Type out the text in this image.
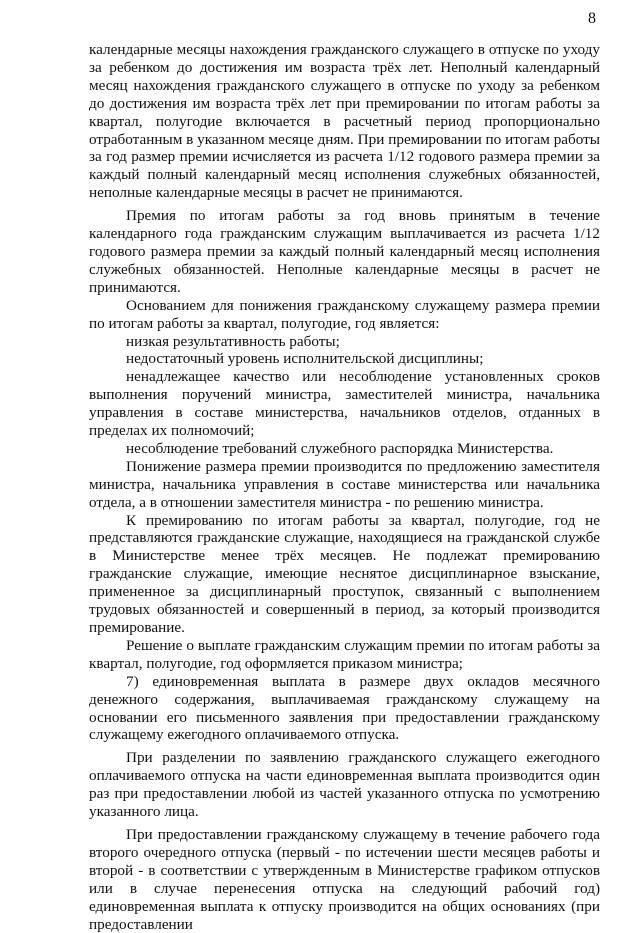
8

календарные месяцы нахождения гражданского служащего в отпуске по уходу за ребенком до достижения им возраста трёх лет. Неполный календарный месяц нахождения гражданского служащего в отпуске по уходу за ребенком до достижения им возраста трёх лет при премировании по итогам работы за квартал, полугодие включается в расчетный период пропорционально отработанным в указанном месяце дням. При премировании по итогам работы за год размер премии исчисляется из расчета 1/12 годового размера премии за каждый полный календарный месяц исполнения служебных обязанностей, неполные календарные месяцы в расчет не принимаются.

Премия по итогам работы за год вновь принятым в течение календарного года гражданским служащим выплачивается из расчета 1/12 годового размера премии за каждый полный календарный месяц исполнения служебных обязанностей. Неполные календарные месяцы в расчет не принимаются.

Основанием для понижения гражданскому служащему размера премии по итогам работы за квартал, полугодие, год является:

низкая результативность работы;

недостаточный уровень исполнительской дисциплины;

ненадлежащее качество или несоблюдение установленных сроков выполнения поручений министра, заместителей министра, начальника управления в составе министерства, начальников отделов, отданных в пределах их полномочий;

несоблюдение требований служебного распорядка Министерства.

Понижение размера премии производится по предложению заместителя министра, начальника управления в составе министерства или начальника отдела, а в отношении заместителя министра - по решению министра.

К премированию по итогам работы за квартал, полугодие, год не представляются гражданские служащие, находящиеся на гражданской службе в Министерстве менее трёх месяцев. Не подлежат премированию гражданские служащие, имеющие неснятое дисциплинарное взыскание, примененное за дисциплинарный проступок, связанный с выполнением трудовых обязанностей и совершенный в период, за который производится премирование.

Решение о выплате гражданским служащим премии по итогам работы за квартал, полугодие, год оформляется приказом министра;

7) единовременная выплата в размере двух окладов месячного денежного содержания, выплачиваемая гражданскому служащему на основании его письменного заявления при предоставлении гражданскому служащему ежегодного оплачиваемого отпуска.

При разделении по заявлению гражданского служащего ежегодного оплачиваемого отпуска на части единовременная выплата производится один раз при предоставлении любой из частей указанного отпуска по усмотрению указанного лица.

При предоставлении гражданскому служащему в течение рабочего года второго очередного отпуска (первый - по истечении шести месяцев работы и второй - в соответствии с утвержденным в Министерстве графиком отпусков или в случае перенесения отпуска на следующий рабочий год) единовременная выплата к отпуску производится на общих основаниях (при предоставлении
